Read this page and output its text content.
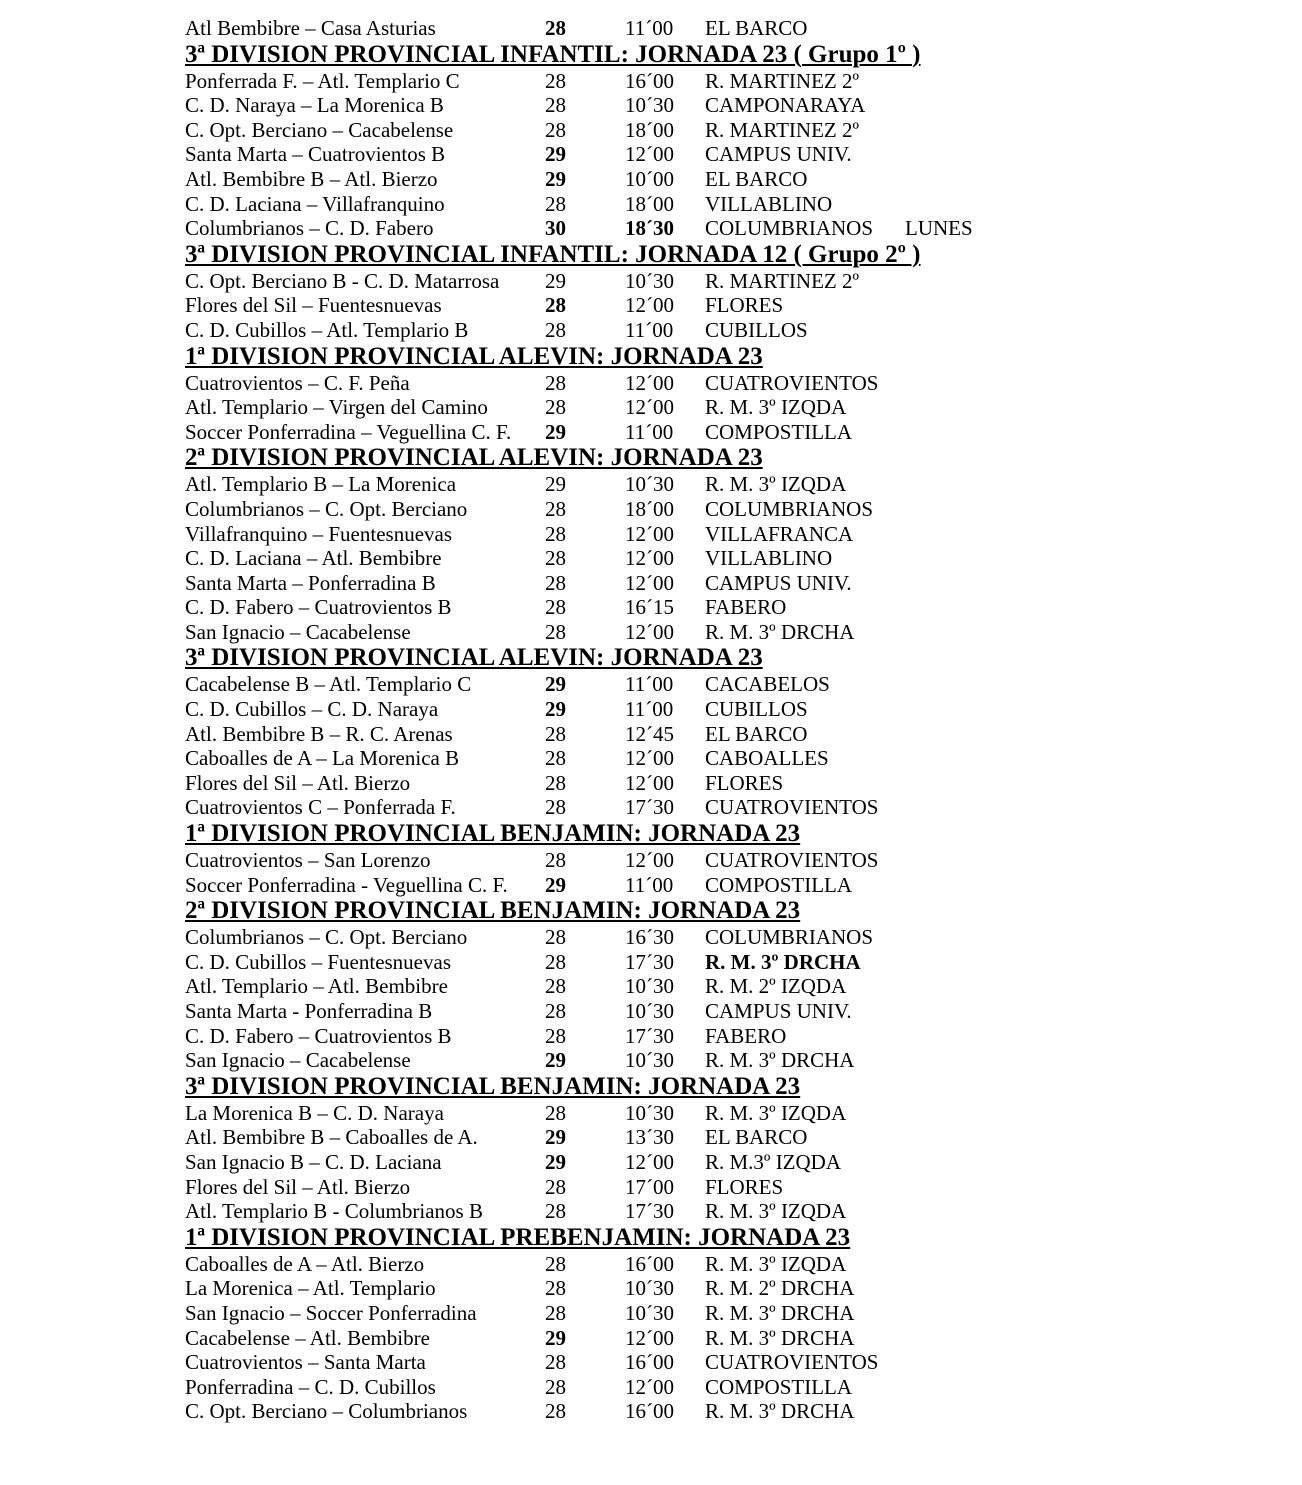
Atl Bembibre – Casa Asturias	28	11´00 EL BARCO
3ª DIVISION PROVINCIAL INFANTIL: JORNADA 23 ( Grupo 1º )
Ponferrada F. – Atl. Templario C	28	16´00 R. MARTINEZ 2º
C. D. Naraya – La Morenica B	28	10´30 CAMPONARAYA
C. Opt. Berciano – Cacabelense	28	18´00 R. MARTINEZ 2º
Santa Marta – Cuatrovientos B	29	12´00 CAMPUS UNIV.
Atl. Bembibre B – Atl. Bierzo	29	10´00 EL BARCO
C. D. Laciana – Villafranquino	28	18´00 VILLABLINO
Columbrianos – C. D. Fabero	30	18´30 COLUMBRIANOS LUNES
3ª DIVISION PROVINCIAL INFANTIL: JORNADA 12 ( Grupo 2º )
C. Opt. Berciano B - C. D. Matarrosa 29	10´30 R. MARTINEZ 2º
Flores del Sil – Fuentesnuevas	28	12´00 FLORES
C. D. Cubillos – Atl. Templario B	28	11´00 CUBILLOS
1ª DIVISION PROVINCIAL ALEVIN: JORNADA 23
Cuatrovientos – C. F. Peña	28	12´00 CUATROVIENTOS
Atl. Templario – Virgen del Camino	28	12´00 R. M. 3º IZQDA
Soccer Ponferradina – Veguellina C. F. 29	11´00 COMPOSTILLA
2ª DIVISION PROVINCIAL ALEVIN: JORNADA 23
Atl. Templario B – La Morenica	29	10´30 R. M. 3º IZQDA
Columbrianos – C. Opt. Berciano	28	18´00 COLUMBRIANOS
Villafranquino – Fuentesnuevas	28	12´00 VILLAFRANCA
C. D. Laciana – Atl. Bembibre	28	12´00 VILLABLINO
Santa Marta – Ponferradina B	28	12´00 CAMPUS UNIV.
C. D. Fabero – Cuatrovientos B	28	16´15 FABERO
San Ignacio – Cacabelense	28	12´00 R. M. 3º DRCHA
3ª DIVISION PROVINCIAL ALEVIN: JORNADA 23
Cacabelense B – Atl. Templario C	29	11´00 CACABELOS
C. D. Cubillos – C. D. Naraya	29	11´00 CUBILLOS
Atl. Bembibre B – R. C. Arenas	28	12´45 EL BARCO
Caboalles de A – La Morenica B	28	12´00 CABOALLES
Flores del Sil – Atl. Bierzo	28	12´00 FLORES
Cuatrovientos C – Ponferrada F.	28	17´30 CUATROVIENTOS
1ª DIVISION PROVINCIAL BENJAMIN: JORNADA 23
Cuatrovientos – San Lorenzo	28	12´00 CUATROVIENTOS
Soccer Ponferradina - Veguellina C. F. 29	11´00 COMPOSTILLA
2ª DIVISION PROVINCIAL BENJAMIN: JORNADA 23
Columbrianos – C. Opt. Berciano	28	16´30 COLUMBRIANOS
C. D. Cubillos – Fuentesnuevas	28	17´30 R. M. 3º DRCHA
Atl. Templario – Atl. Bembibre	28	10´30 R. M. 2º IZQDA
Santa Marta - Ponferradina B	28	10´30 CAMPUS UNIV.
C. D. Fabero – Cuatrovientos B	28	17´30 FABERO
San Ignacio – Cacabelense	29	10´30 R. M. 3º DRCHA
3ª DIVISION PROVINCIAL BENJAMIN: JORNADA 23
La Morenica B – C. D. Naraya	28	10´30 R. M. 3º IZQDA
Atl. Bembibre B – Caboalles de A.	29	13´30 EL BARCO
San Ignacio B – C. D. Laciana	29	12´00 R. M.3º IZQDA
Flores del Sil – Atl. Bierzo	28	17´00 FLORES
Atl. Templario B - Columbrianos B	28	17´30 R. M. 3º IZQDA
1ª DIVISION PROVINCIAL PREBENJAMIN: JORNADA 23
Caboalles de A – Atl. Bierzo	28	16´00 R. M. 3º IZQDA
La Morenica – Atl. Templario	28	10´30 R. M. 2º DRCHA
San Ignacio – Soccer Ponferradina	28	10´30 R. M. 3º DRCHA
Cacabelense – Atl. Bembibre	29	12´00 R. M. 3º DRCHA
Cuatrovientos – Santa Marta	28	16´00 CUATROVIENTOS
Ponferradina – C. D. Cubillos	28	12´00 COMPOSTILLA
C. Opt. Berciano – Columbrianos	28	16´00 R. M. 3º DRCHA
